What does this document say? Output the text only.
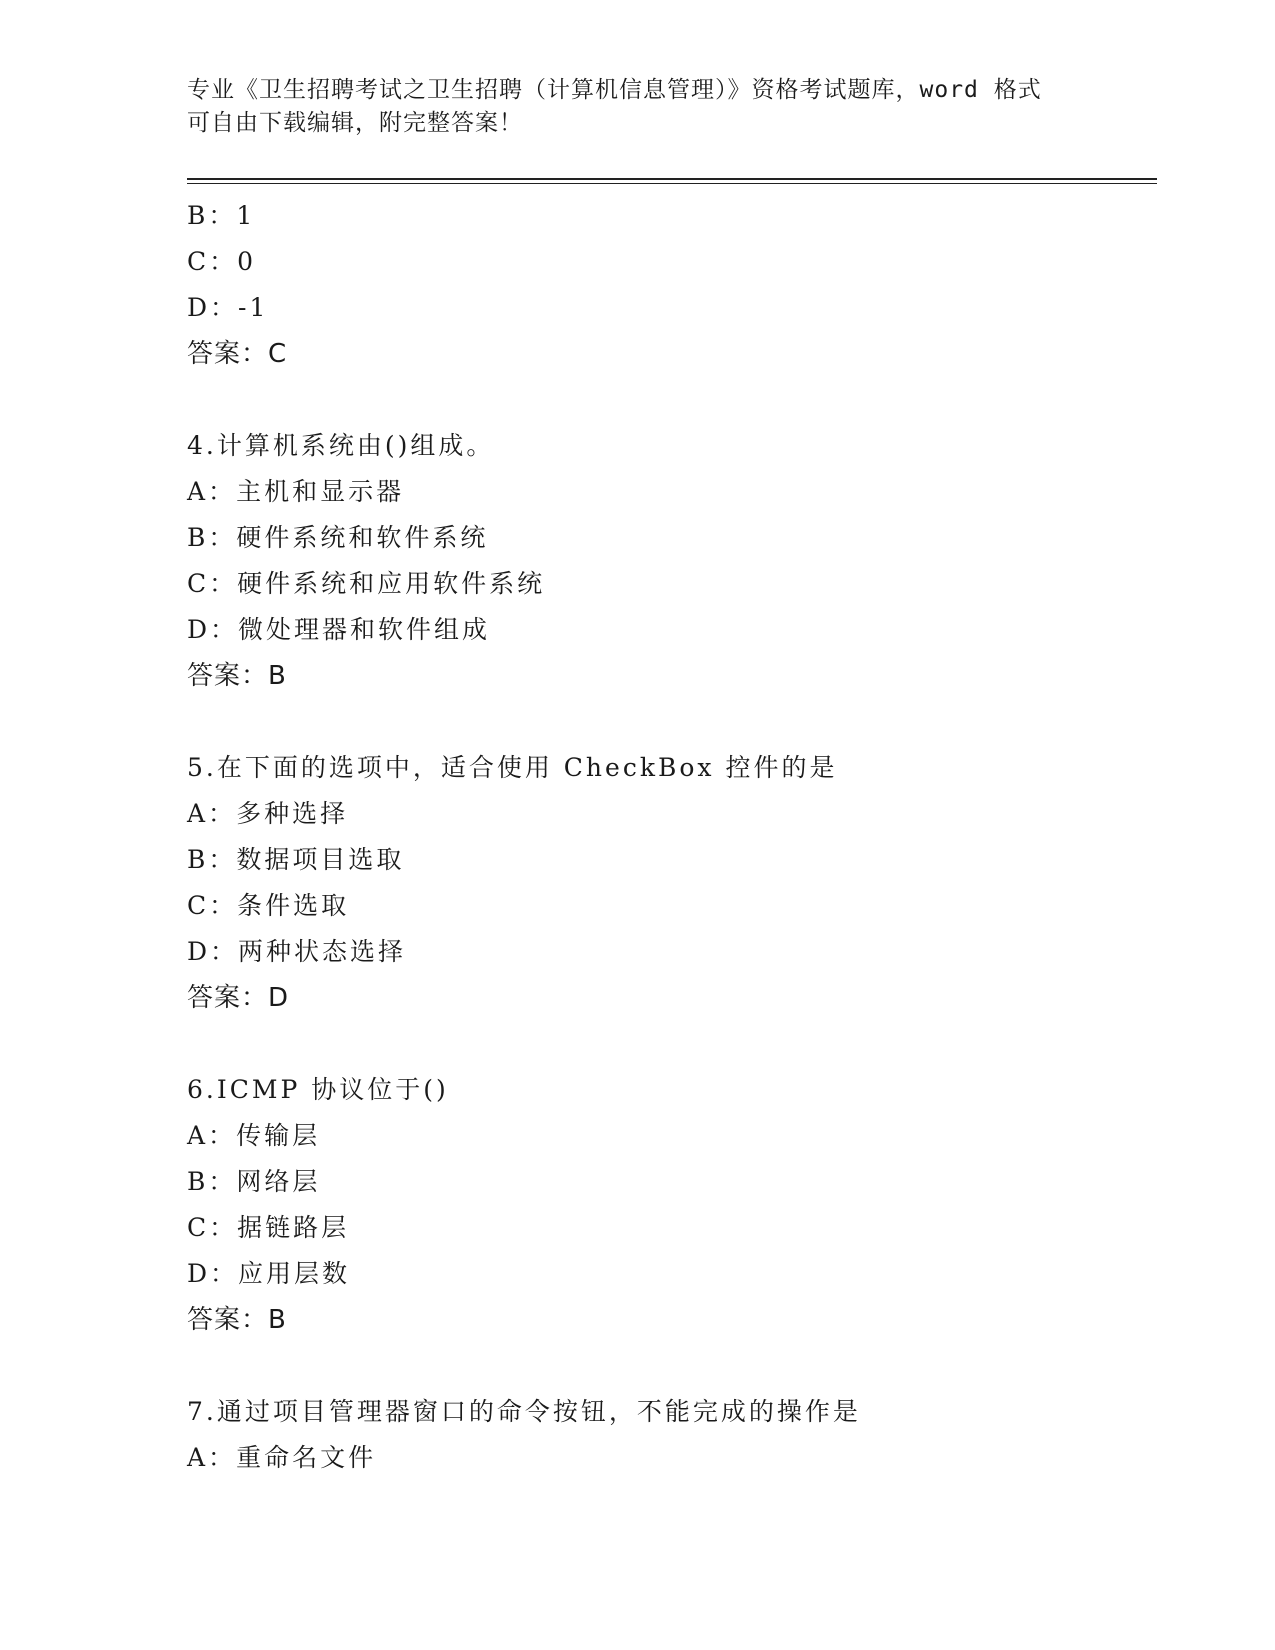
专业《卫生招聘考试之卫生招聘（计算机信息管理）》资格考试题库，word 格式
可自由下载编辑，附完整答案！
B：1
C：0
D：-1
答案：C
4.计算机系统由()组成。
A：主机和显示器
B：硬件系统和软件系统
C：硬件系统和应用软件系统
D：微处理器和软件组成
答案：B
5.在下面的选项中，适合使用 CheckBox 控件的是
A：多种选择
B：数据项目选取
C：条件选取
D：两种状态选择
答案：D
6.ICMP 协议位于()
A：传输层
B：网络层
C：据链路层
D：应用层数
答案：B
7.通过项目管理器窗口的命令按钮，不能完成的操作是
A：重命名文件
